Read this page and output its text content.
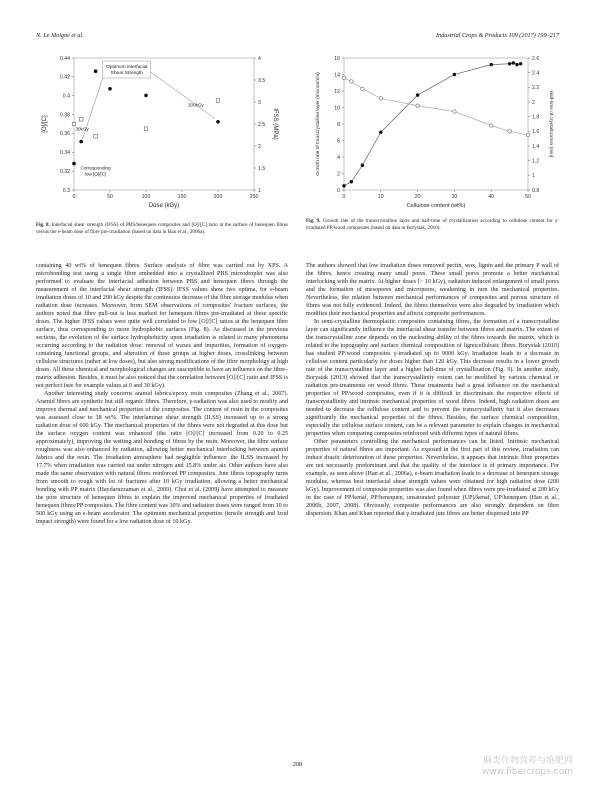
N. Le Moigne et al.	Industrial Crops & Products 109 (2017) 199–217
0	50	100	150	200	250
0.3
0.32
0.34
0.36
0.38
0.4
0.42
0.44
1
1.5
2
2.5
3
3.5
4
Dose (kGy)
[O]/[C]	IFSS (MPa)
Optimum interfacial
Shear Strength
200kGy
30kGy
Corresponding
low [O]/[C]
Fig. 8. Interfacial shear strength (IFSS) of PBS/henequen composites and [O]/[C] ratio at the surface of henequen fibres versus the e-beam dose of fibre pre-irradiation (based on data in Han et al., 2006a).
0	10	20	30	40	50
0
2
4
6
8
10
12
14
16
0.8
1
1.2
1.4
1.6
1.8
2
2.2
2.4
2.6
Cellulose content (wt%)
Growth rate of transcrystalline layer (micron/min)	Half-time of crystallization (min)
Fig. 9. Growth rate of the transcrystalline layer and half-time of crystallization according to cellulose content for γ-irradiated PP/wood composites (based on data in Borysiak, 2010).

containing 40 wt% of henequen fibres. Surface analysis of fibre was carried out by XPS. A microbonding test using a single fibre embedded into a crystallized PBS microdroplet was also performed to evaluate the interfacial adhesion between PBS and henequen fibres through the measurement of the interfacial shear strength (IFSS). IFSS values show two optima, for e-beam irradiation doses of 10 and 200 kGy despite the continuous decrease of the fibre storage modulus when radiation dose increases. Moreover, from SEM observations of composites' fracture surfaces, the authors noted that fibre pull-out is less marked for henequen fibres pre-irradiated at these specific doses. The higher IFSS values were quite well correlated to low [O]/[C] ratios at the henequen fibre surface, thus corresponding to more hydrophobic surfaces (Fig. 8). As discussed in the previous sections, the evolution of the surface hydrophobicity upon irradiation is related to many phenomena occurring according to the radiation dose: removal of waxes and impurities, formation of oxygen-containing functional groups, and alteration of these groups at higher doses, crosslinking between cellulose structures (rather at low doses), but also strong modifications of the fibre morphology at high doses. All these chemical and morphological changes are susceptible to have an influence on the fibre–matrix adhesion. Besides, it must be also noticed that the correlation between [O]/[C] ratio and IFSS is not perfect (see for example values at 0 and 30 kGy).

Another interesting study concerns aramid fabrics/epoxy resin composites (Zhang et al., 2007). Aramid fibres are synthetic but still organic fibres. Therefore, γ-radiation was also used to modify and improve thermal and mechanical properties of the composites. The content of resin in the composites was assessed close to 38 wt%. The interlaminar shear strength (ILSS) increased up to a strong radiation dose of 600 kGy. The mechanical properties of the fibres were not degraded at this dose but the surface oxygen content was enhanced (the ratio [O]/[C] increased from 0.20 to 0.25 approximately), improving the wetting and bonding of fibres by the resin. Moreover, the fibre surface roughness was also enhanced by radiation, allowing better mechanical interlocking between aramid fabrics and the resin. The irradiation atmosphere had negligible influence: the ILSS increased by 17.7% when irradiation was carried out under nitrogen and 15.8% under air. Other authors have also made the same observation with natural fibres reinforced PP composites. Jute fibres topography turns from smooth to rough with lot of fractures after 10 kGy irradiation, allowing a better mechanical bonding with PP matrix (Haydaruzzaman et al., 2009). Choi et al. (2009) have attempted to measure the pore structure of henequen fibres to explain the improved mechanical properties of irradiated henequen fibres/PP composites. The fibre content was 30% and radiation doses were ranged from 10 to 500 kGy using an e-beam accelerator. The optimum mechanical properties (tensile strength and Izod impact strength) were found for a low radiation dose of 10 kGy.

The authors showed that low irradiation doses removed pectin, wax, lignin and the primary P wall of the fibres, hence creating many small pores. These small pores promote a better mechanical interlocking with the matrix. At higher doses (> 10 kGy), radiation induced enlargement of small pores and the formation of mesopores and micropores, weakening in turn the mechanical properties. Nevertheless, the relation between mechanical performances of composites and porous structure of fibres was not fully evidenced. Indeed, the fibres themselves were also degraded by irradiation which modifies their mechanical properties and affects composite performances.

In semi-crystalline thermoplastic composites containing fibres, the formation of a transcrystalline layer can significantly influence the interfacial shear transfer between fibres and matrix. The extent of the transcrystalline zone depends on the nucleating ability of the fibres towards the matrix, which is related to the topography and surface chemical composition of lignocellulosic fibres. Borysiak (2010) has studied PP/wood composites γ-irradiated up to 9000 kGy. Irradiation leads to a decrease in cellulose content particularly for doses higher than 120 kGy. This decrease results in a lower growth rate of the transcrystalline layer and a higher half-time of crystallization (Fig. 9). In another study, Borysiak (2013) showed that the transcrystallinity extent can be modified by various chemical or radiation pre-treatments on wood fibres. These treatments had a great influence on the mechanical properties of PP/wood composites, even if it is difficult to discriminate the respective effects of transcrystallinity and intrinsic mechanical properties of wood fibres. Indeed, high radiation doses are needed to decrease the cellulose content and to prevent the transcrystallinity but it also decreases significantly the mechanical properties of the fibres. Besides, the surface chemical composition, especially the cellulose surface content, can be a relevant parameter to explain changes in mechanical properties when comparing composites reinforced with different types of natural fibres.

Other parameters controlling the mechanical performances can be listed. Intrinsic mechanical properties of natural fibres are important. As exposed in the first part of this review, irradiation can induce drastic deterioration of these properties. Nevertheless, it appears that intrinsic fibre properties are not necessarily predominant and that the quality of the interface is of primary importance. For example, as seen above (Han et al., 2006a), e-beam irradiation leads to a decrease of henequen storage modulus, whereas best interfacial shear strength values were obtained for high radiation dose (200 kGy). Improvement of composite properties was also found when fibres were pre-irradiated at 200 kGy in the case of PP/kenaf, PP/henequen, unsaturated polyester (UP)/kenaf, UP/henequen (Han et al., 2006b, 2007, 2008). Obviously, composite performances are also strongly dependent on fibre dispersion. Khan and Khan reported that γ-irradiated jute fibres are better dispersed into PP

208	麻类作物营养与施肥网
www.fibercrops.com
